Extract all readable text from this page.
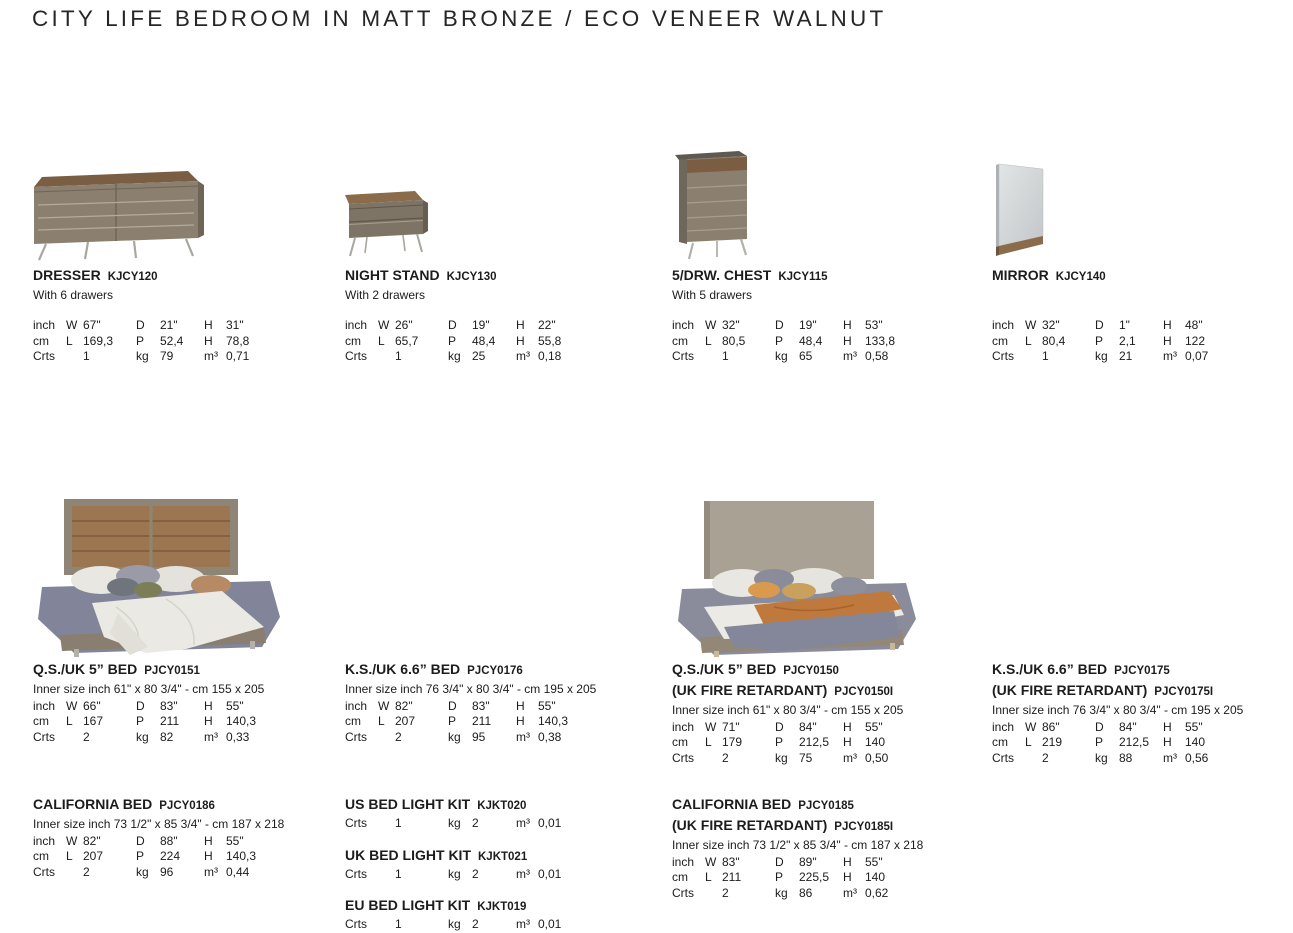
CITY LIFE BEDROOM IN MATT BRONZE / ECO VENEER WALNUT
DRESSER KJCY120
With 6 drawers
inch W 67"	D	21"	H	31"
cm	L 169,3	P	52,4	H	78,8
Crts	1	kg 79	m³ 0,71
NIGHT STAND KJCY130
With 2 drawers
inch W 26"	D	19"	H	22"
cm	L 65,7	P	48,4	H	55,8
Crts	1	kg 25	m³ 0,18
5/DRW. CHEST KJCY115
With 5 drawers
inch W 32"	D	19"	H	53"
cm	L 80,5	P	48,4	H	133,8
Crts	1	kg 65	m³ 0,58
MIRROR KJCY140
inch W 32"	D	1"	H	48"
cm	L 80,4	P	2,1	H	122
Crts	1	kg 21	m³ 0,07
Q.S./UK 5” BED PJCY0151
Inner size inch 61" x 80 3/4" - cm 155 x 205
inch W 66"	D	83"	H	55"
cm	L 167	P	211	H	140,3
Crts	2	kg 82	m³ 0,33
K.S./UK 6.6” BED PJCY0176
Inner size inch 76 3/4" x 80 3/4" - cm 195 x 205
inch W 82"	D	83"	H	55"
cm	L 207	P	211	H	140,3
Crts	2	kg 95	m³ 0,38
Q.S./UK 5” BED PJCY0150
(UK FIRE RETARDANT) PJCY0150I
Inner size inch 61" x 80 3/4" - cm 155 x 205
inch W 71"	D	84"	H	55"
cm	L 179	P	212,5	H	140
Crts	2	kg 75	m³ 0,50
K.S./UK 6.6” BED PJCY0175
(UK FIRE RETARDANT) PJCY0175I
Inner size inch 76 3/4" x 80 3/4" - cm 195 x 205
inch W 86"	D	84"	H	55"
cm	L 219	P	212,5	H	140
Crts	2	kg 88	m³ 0,56
CALIFORNIA BED PJCY0186
Inner size inch 73 1/2" x 85 3/4" - cm 187 x 218
inch W 82"	D	88"	H	55"
cm	L 207	P	224	H	140,3
Crts	2	kg 96	m³ 0,44
US BED LIGHT KIT KJKT020
Crts	1	kg 2	m³ 0,01
UK BED LIGHT KIT KJKT021
Crts	1	kg 2	m³ 0,01
EU BED LIGHT KIT KJKT019
Crts	1	kg 2	m³ 0,01
CALIFORNIA BED PJCY0185
(UK FIRE RETARDANT) PJCY0185I
Inner size inch 73 1/2" x 85 3/4" - cm 187 x 218
inch W 83"	D	89"	H	55"
cm	L 211	P	225,5	H	140
Crts	2	kg 86	m³ 0,62
